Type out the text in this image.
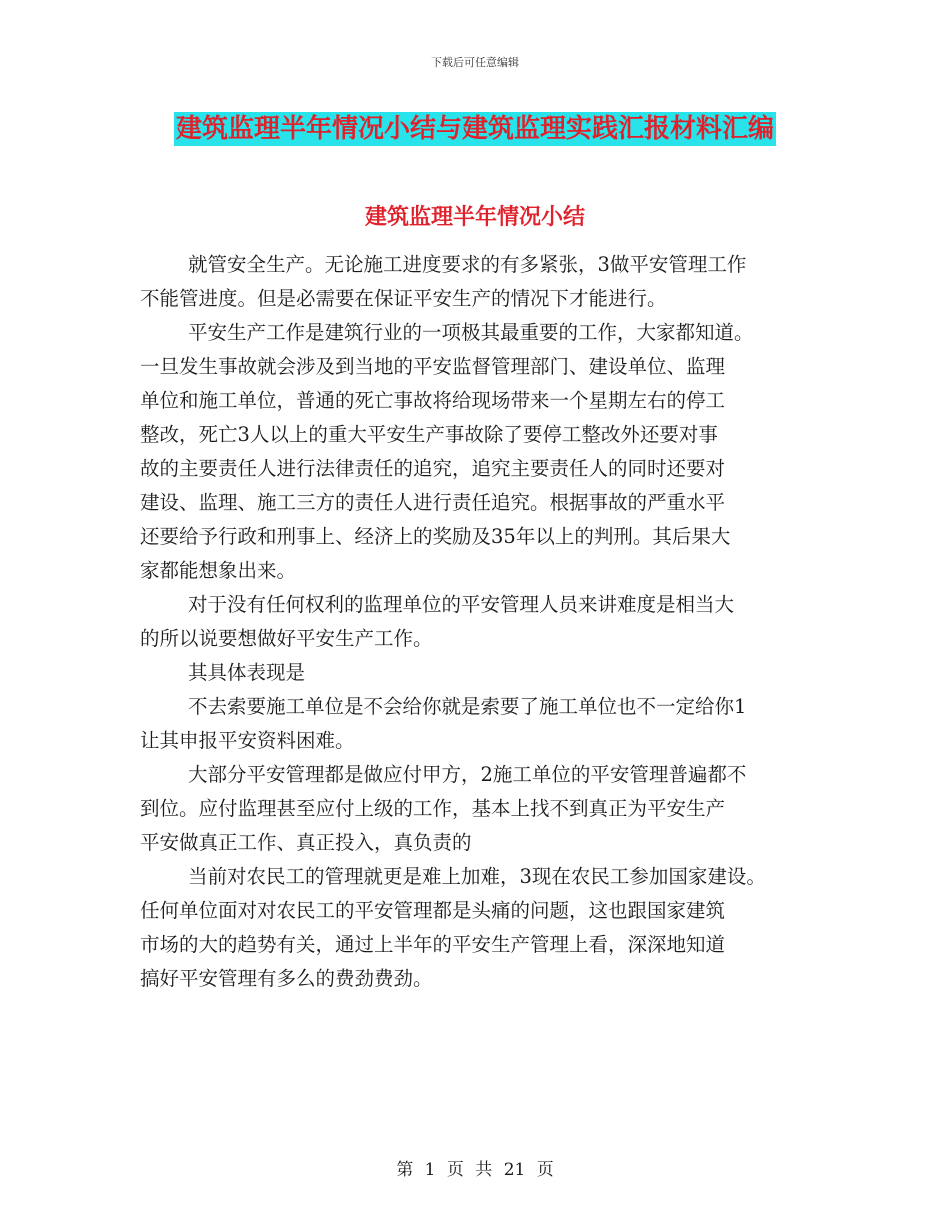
下载后可任意编辑
建筑监理半年情况小结与建筑监理实践汇报材料汇编
建筑监理半年情况小结
就管安全生产。无论施工进度要求的有多紧张，3做平安管理工作
不能管进度。但是必需要在保证平安生产的情况下才能进行。
平安生产工作是建筑行业的一项极其最重要的工作，大家都知道。
一旦发生事故就会涉及到当地的平安监督管理部门、建设单位、监理
单位和施工单位，普通的死亡事故将给现场带来一个星期左右的停工
整改，死亡3人以上的重大平安生产事故除了要停工整改外还要对事
故的主要责任人进行法律责任的追究，追究主要责任人的同时还要对
建设、监理、施工三方的责任人进行责任追究。根据事故的严重水平
还要给予行政和刑事上、经济上的奖励及35年以上的判刑。其后果大
家都能想象出来。
对于没有任何权利的监理单位的平安管理人员来讲难度是相当大
的所以说要想做好平安生产工作。
其具体表现是
不去索要施工单位是不会给你就是索要了施工单位也不一定给你1
让其申报平安资料困难。
大部分平安管理都是做应付甲方，2施工单位的平安管理普遍都不
到位。应付监理甚至应付上级的工作，基本上找不到真正为平安生产
平安做真正工作、真正投入，真负责的
当前对农民工的管理就更是难上加难，3现在农民工参加国家建设。
任何单位面对对农民工的平安管理都是头痛的问题，这也跟国家建筑
市场的大的趋势有关，通过上半年的平安生产管理上看，深深地知道
搞好平安管理有多么的费劲费劲。
第 1 页 共 21 页
